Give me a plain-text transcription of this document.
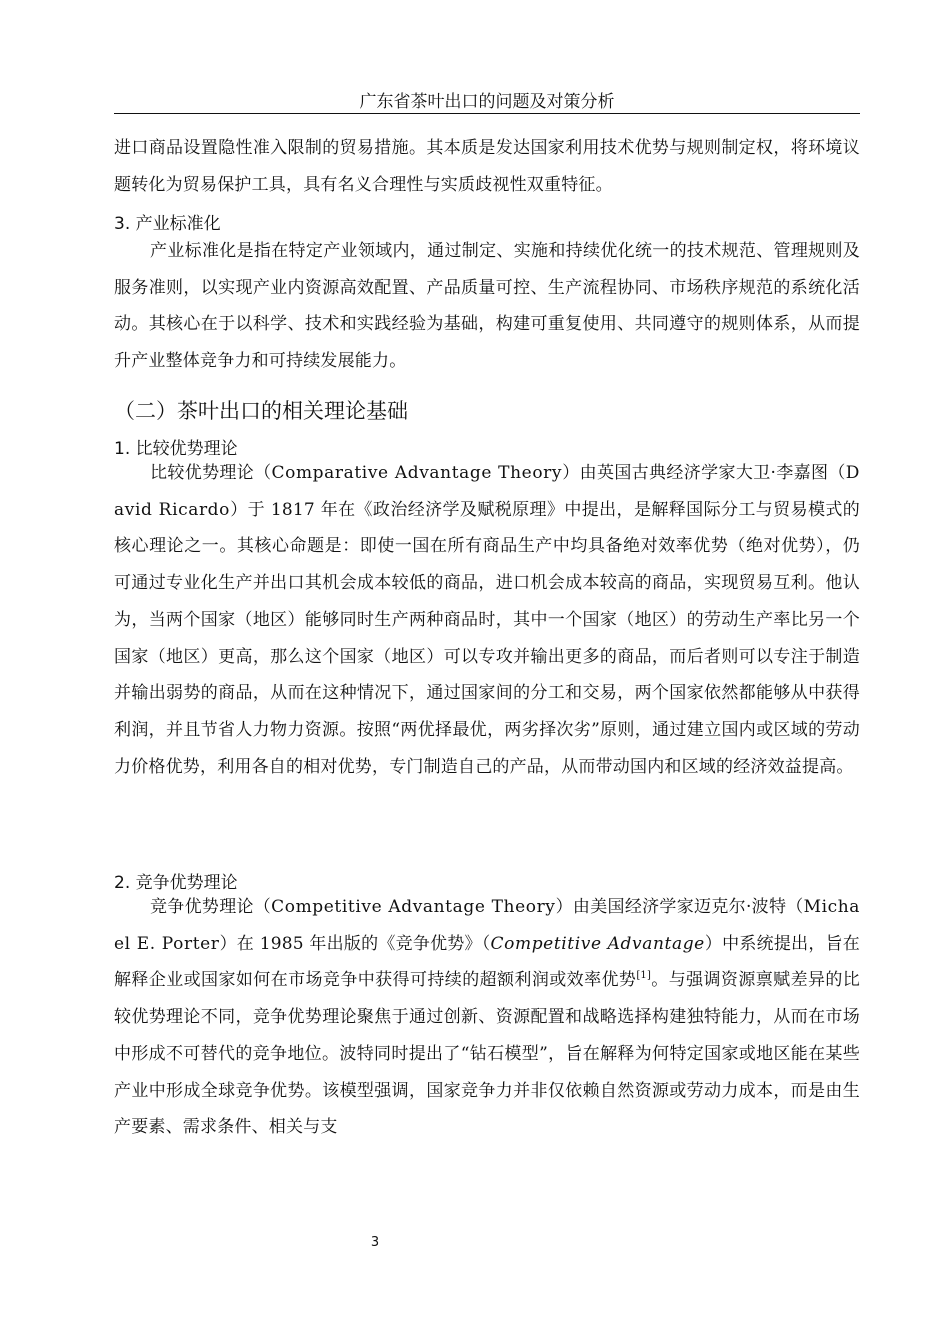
广东省茶叶出口的问题及对策分析

进口商品设置隐性准入限制的贸易措施。其本质是发达国家利用技术优势与规则制定权，将环境议题转化为贸易保护工具，具有名义合理性与实质歧视性双重特征。

3. 产业标准化

产业标准化是指在特定产业领域内，通过制定、实施和持续优化统一的技术规范、管理规则及服务准则，以实现产业内资源高效配置、产品质量可控、生产流程协同、市场秩序规范的系统化活动。其核心在于以科学、技术和实践经验为基础，构建可重复使用、共同遵守的规则体系，从而提升产业整体竞争力和可持续发展能力。

（二）茶叶出口的相关理论基础
1. 比较优势理论

比较优势理论（Comparative Advantage Theory）由英国古典经济学家大卫·李嘉图（David Ricardo）于 1817 年在《政治经济学及赋税原理》中提出，是解释国际分工与贸易模式的核心理论之一。其核心命题是：即使一国在所有商品生产中均具备绝对效率优势（绝对优势），仍可通过专业化生产并出口其机会成本较低的商品，进口机会成本较高的商品，实现贸易互利。他认为，当两个国家（地区）能够同时生产两种商品时，其中一个国家（地区）的劳动生产率比另一个国家（地区）更高，那么这个国家（地区）可以专攻并输出更多的商品，而后者则可以专注于制造并输出弱势的商品，从而在这种情况下，通过国家间的分工和交易，两个国家依然都能够从中获得利润，并且节省人力物力资源。按照“两优择最优，两劣择次劣”原则，通过建立国内或区域的劳动力价格优势，利用各自的相对优势，专门制造自己的产品，从而带动国内和区域的经济效益提高。

2. 竞争优势理论

竞争优势理论（Competitive Advantage Theory）由美国经济学家迈克尔·波特（Michael E. Porter）在 1985 年出版的《竞争优势》（Competitive Advantage）中系统提出，旨在解释企业或国家如何在市场竞争中获得可持续的超额利润或效率优势[1]。与强调资源禀赋差异的比较优势理论不同，竞争优势理论聚焦于通过创新、资源配置和战略选择构建独特能力，从而在市场中形成不可替代的竞争地位。波特同时提出了“钻石模型”，旨在解释为何特定国家或地区能在某些产业中形成全球竞争优势。该模型强调，国家竞争力并非仅依赖自然资源或劳动力成本，而是由生产要素、需求条件、相关与支

3
